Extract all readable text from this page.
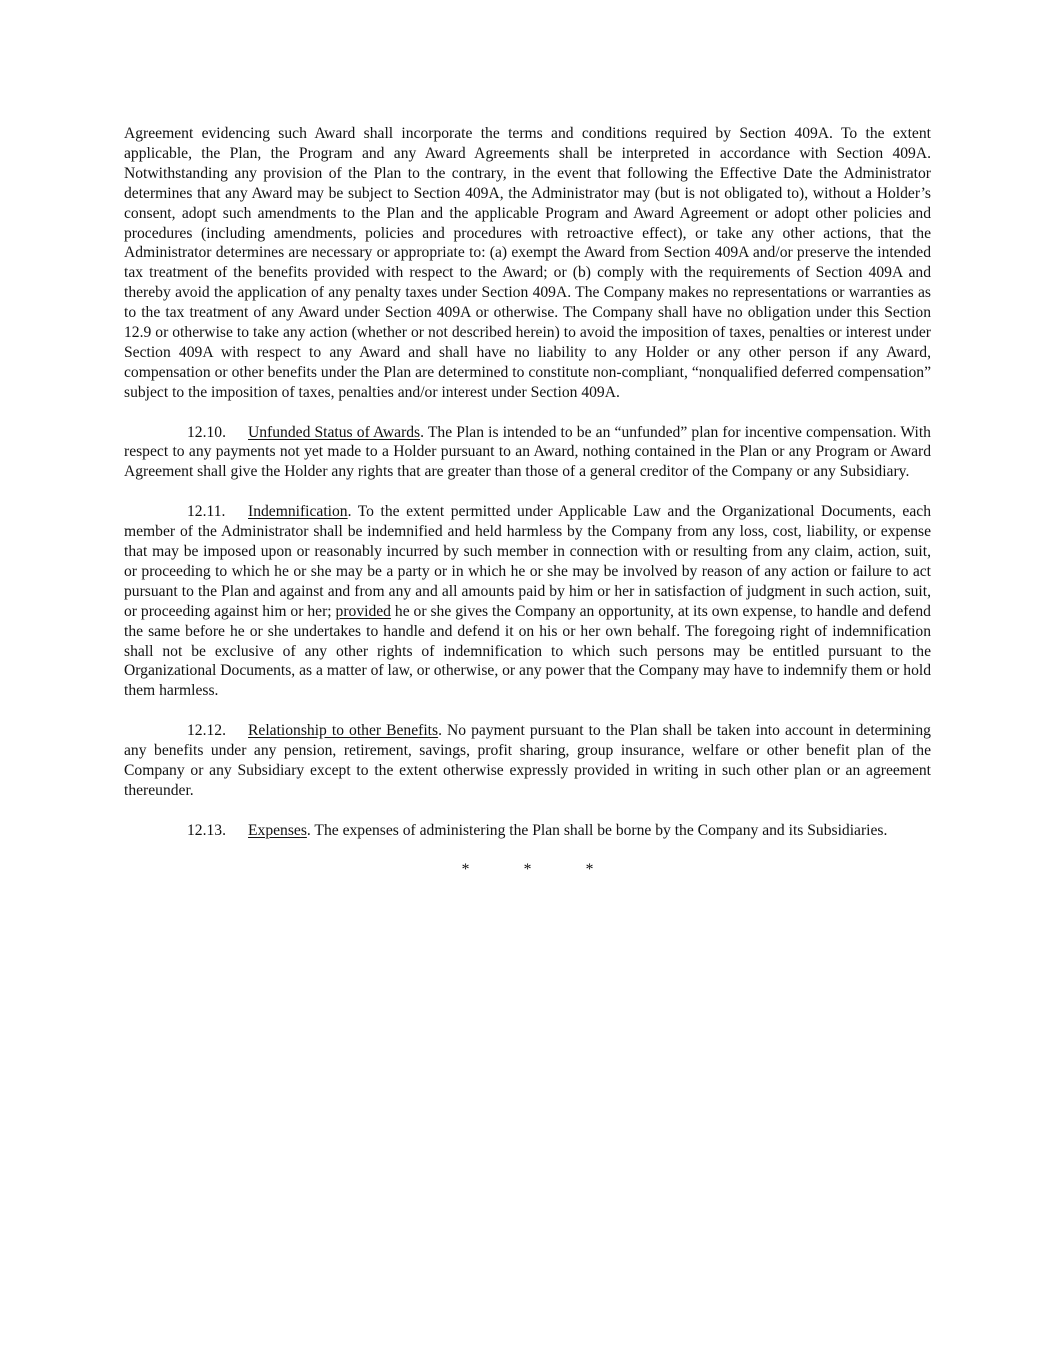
Agreement evidencing such Award shall incorporate the terms and conditions required by Section 409A. To the extent applicable, the Plan, the Program and any Award Agreements shall be interpreted in accordance with Section 409A. Notwithstanding any provision of the Plan to the contrary, in the event that following the Effective Date the Administrator determines that any Award may be subject to Section 409A, the Administrator may (but is not obligated to), without a Holder’s consent, adopt such amendments to the Plan and the applicable Program and Award Agreement or adopt other policies and procedures (including amendments, policies and procedures with retroactive effect), or take any other actions, that the Administrator determines are necessary or appropriate to: (a) exempt the Award from Section 409A and/or preserve the intended tax treatment of the benefits provided with respect to the Award; or (b) comply with the requirements of Section 409A and thereby avoid the application of any penalty taxes under Section 409A. The Company makes no representations or warranties as to the tax treatment of any Award under Section 409A or otherwise. The Company shall have no obligation under this Section 12.9 or otherwise to take any action (whether or not described herein) to avoid the imposition of taxes, penalties or interest under Section 409A with respect to any Award and shall have no liability to any Holder or any other person if any Award, compensation or other benefits under the Plan are determined to constitute non-compliant, “nonqualified deferred compensation” subject to the imposition of taxes, penalties and/or interest under Section 409A.

12.10. Unfunded Status of Awards. The Plan is intended to be an “unfunded” plan for incentive compensation. With respect to any payments not yet made to a Holder pursuant to an Award, nothing contained in the Plan or any Program or Award Agreement shall give the Holder any rights that are greater than those of a general creditor of the Company or any Subsidiary.

12.11. Indemnification. To the extent permitted under Applicable Law and the Organizational Documents, each member of the Administrator shall be indemnified and held harmless by the Company from any loss, cost, liability, or expense that may be imposed upon or reasonably incurred by such member in connection with or resulting from any claim, action, suit, or proceeding to which he or she may be a party or in which he or she may be involved by reason of any action or failure to act pursuant to the Plan and against and from any and all amounts paid by him or her in satisfaction of judgment in such action, suit, or proceeding against him or her; provided he or she gives the Company an opportunity, at its own expense, to handle and defend the same before he or she undertakes to handle and defend it on his or her own behalf. The foregoing right of indemnification shall not be exclusive of any other rights of indemnification to which such persons may be entitled pursuant to the Organizational Documents, as a matter of law, or otherwise, or any power that the Company may have to indemnify them or hold them harmless.

12.12. Relationship to other Benefits. No payment pursuant to the Plan shall be taken into account in determining any benefits under any pension, retirement, savings, profit sharing, group insurance, welfare or other benefit plan of the Company or any Subsidiary except to the extent otherwise expressly provided in writing in such other plan or an agreement thereunder.

12.13. Expenses. The expenses of administering the Plan shall be borne by the Company and its Subsidiaries.

*	*	*
